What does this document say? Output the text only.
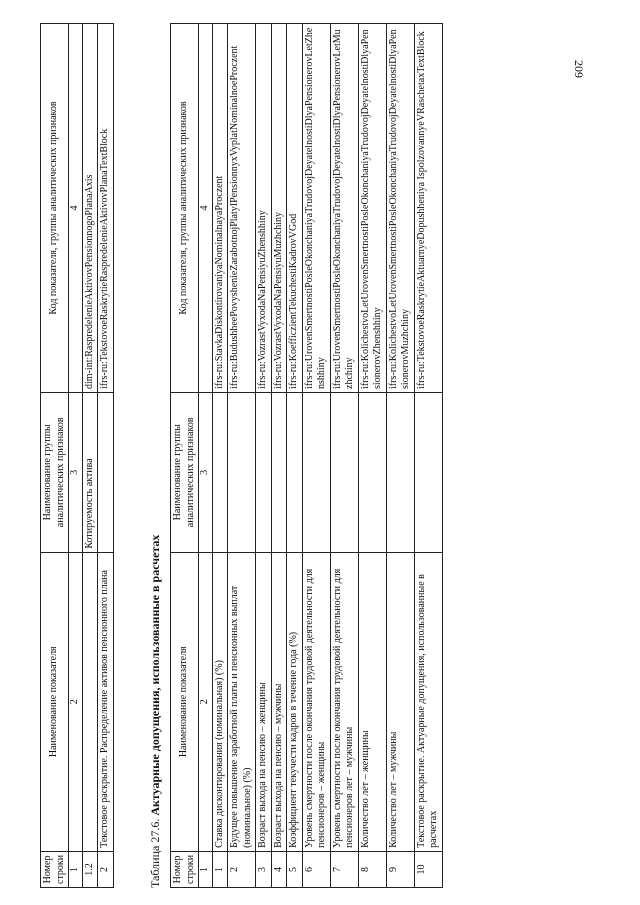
209
Номер строки	Наименование показателя	Наименование группы аналитических признаков	Код показателя, группы аналитических признаков
1	2	3	4
1.2		Котируемость актива	dim-int:RaspredelenieAktivovPensionnogoPlanaAxis
2	Текстовое раскрытие. Распределение активов пенсионного плана		ifrs-ru:TekstovoeRaskrytieRaspredelenieAktivovPlanaTextBlock
Таблица 27.6. Актуарные допущения, использованные в расчетах
Номер строки	Наименование показателя	Наименование группы аналитических признаков	Код показателя, группы аналитических признаков
1	2	3	4
1	Ставка дисконтирования (номинальная) (%)		ifrs-ru:StavkaDiskontirovaniyaNominalnayaProczent
2	Будущее повышение заработной платы и пенсионных выплат (номинальное) (%)		ifrs-ru:BudushheePovyshenieZarabotnojPlatyIPensionnyxVyplatNominalnoeProczent
3	Возраст выхода на пенсию – женщины		ifrs-ru:VozrastVyxodaNaPensiyuZhenshhiny
4	Возраст выхода на пенсию – мужчины		ifrs-ru:VozrastVyxodaNaPensiyuMuzhchiny
5	Коэффициент текучести кадров в течение года (%)		ifrs-ru:KoefficzientTekuchestiKadrovVGod
6	Уровень смертности после окончания трудовой деятельности для пенсионеров – женщины		ifrs-ru:UrovenSmertnostiPosleOkonchaniyaTrudovojDeyatelnostiDlyaPensionerovLetZhenshhiny
7	Уровень смертности после окончания трудовой деятельности для пенсионеров лет – мужчины		ifrs-ru:UrovenSmertnostiPosleOkonchaniyaTrudovojDeyatelnostiDlyaPensionerovLetMuzhchiny
8	Количество лет – женщины		ifrs-ru:KolichestvoLetUrovenSmertnostiPosleOkonchaniyaTrudovojDeyatelnostiDlyaPensionerovZhenshhiny
9	Количество лет – мужчины		ifrs-ru:KolichestvoLetUrovenSmertnostiPosleOkonchaniyaTrudovojDeyatelnostiDlyaPensionerovMuzhchiny
10	Текстовое раскрытие. Актуарные допущения, использованные в расчетах		ifrs-ru:TekstovoeRaskrytieAktuarnyeDopushheniya IspolzovannyeVRaschetaxTextBlock
